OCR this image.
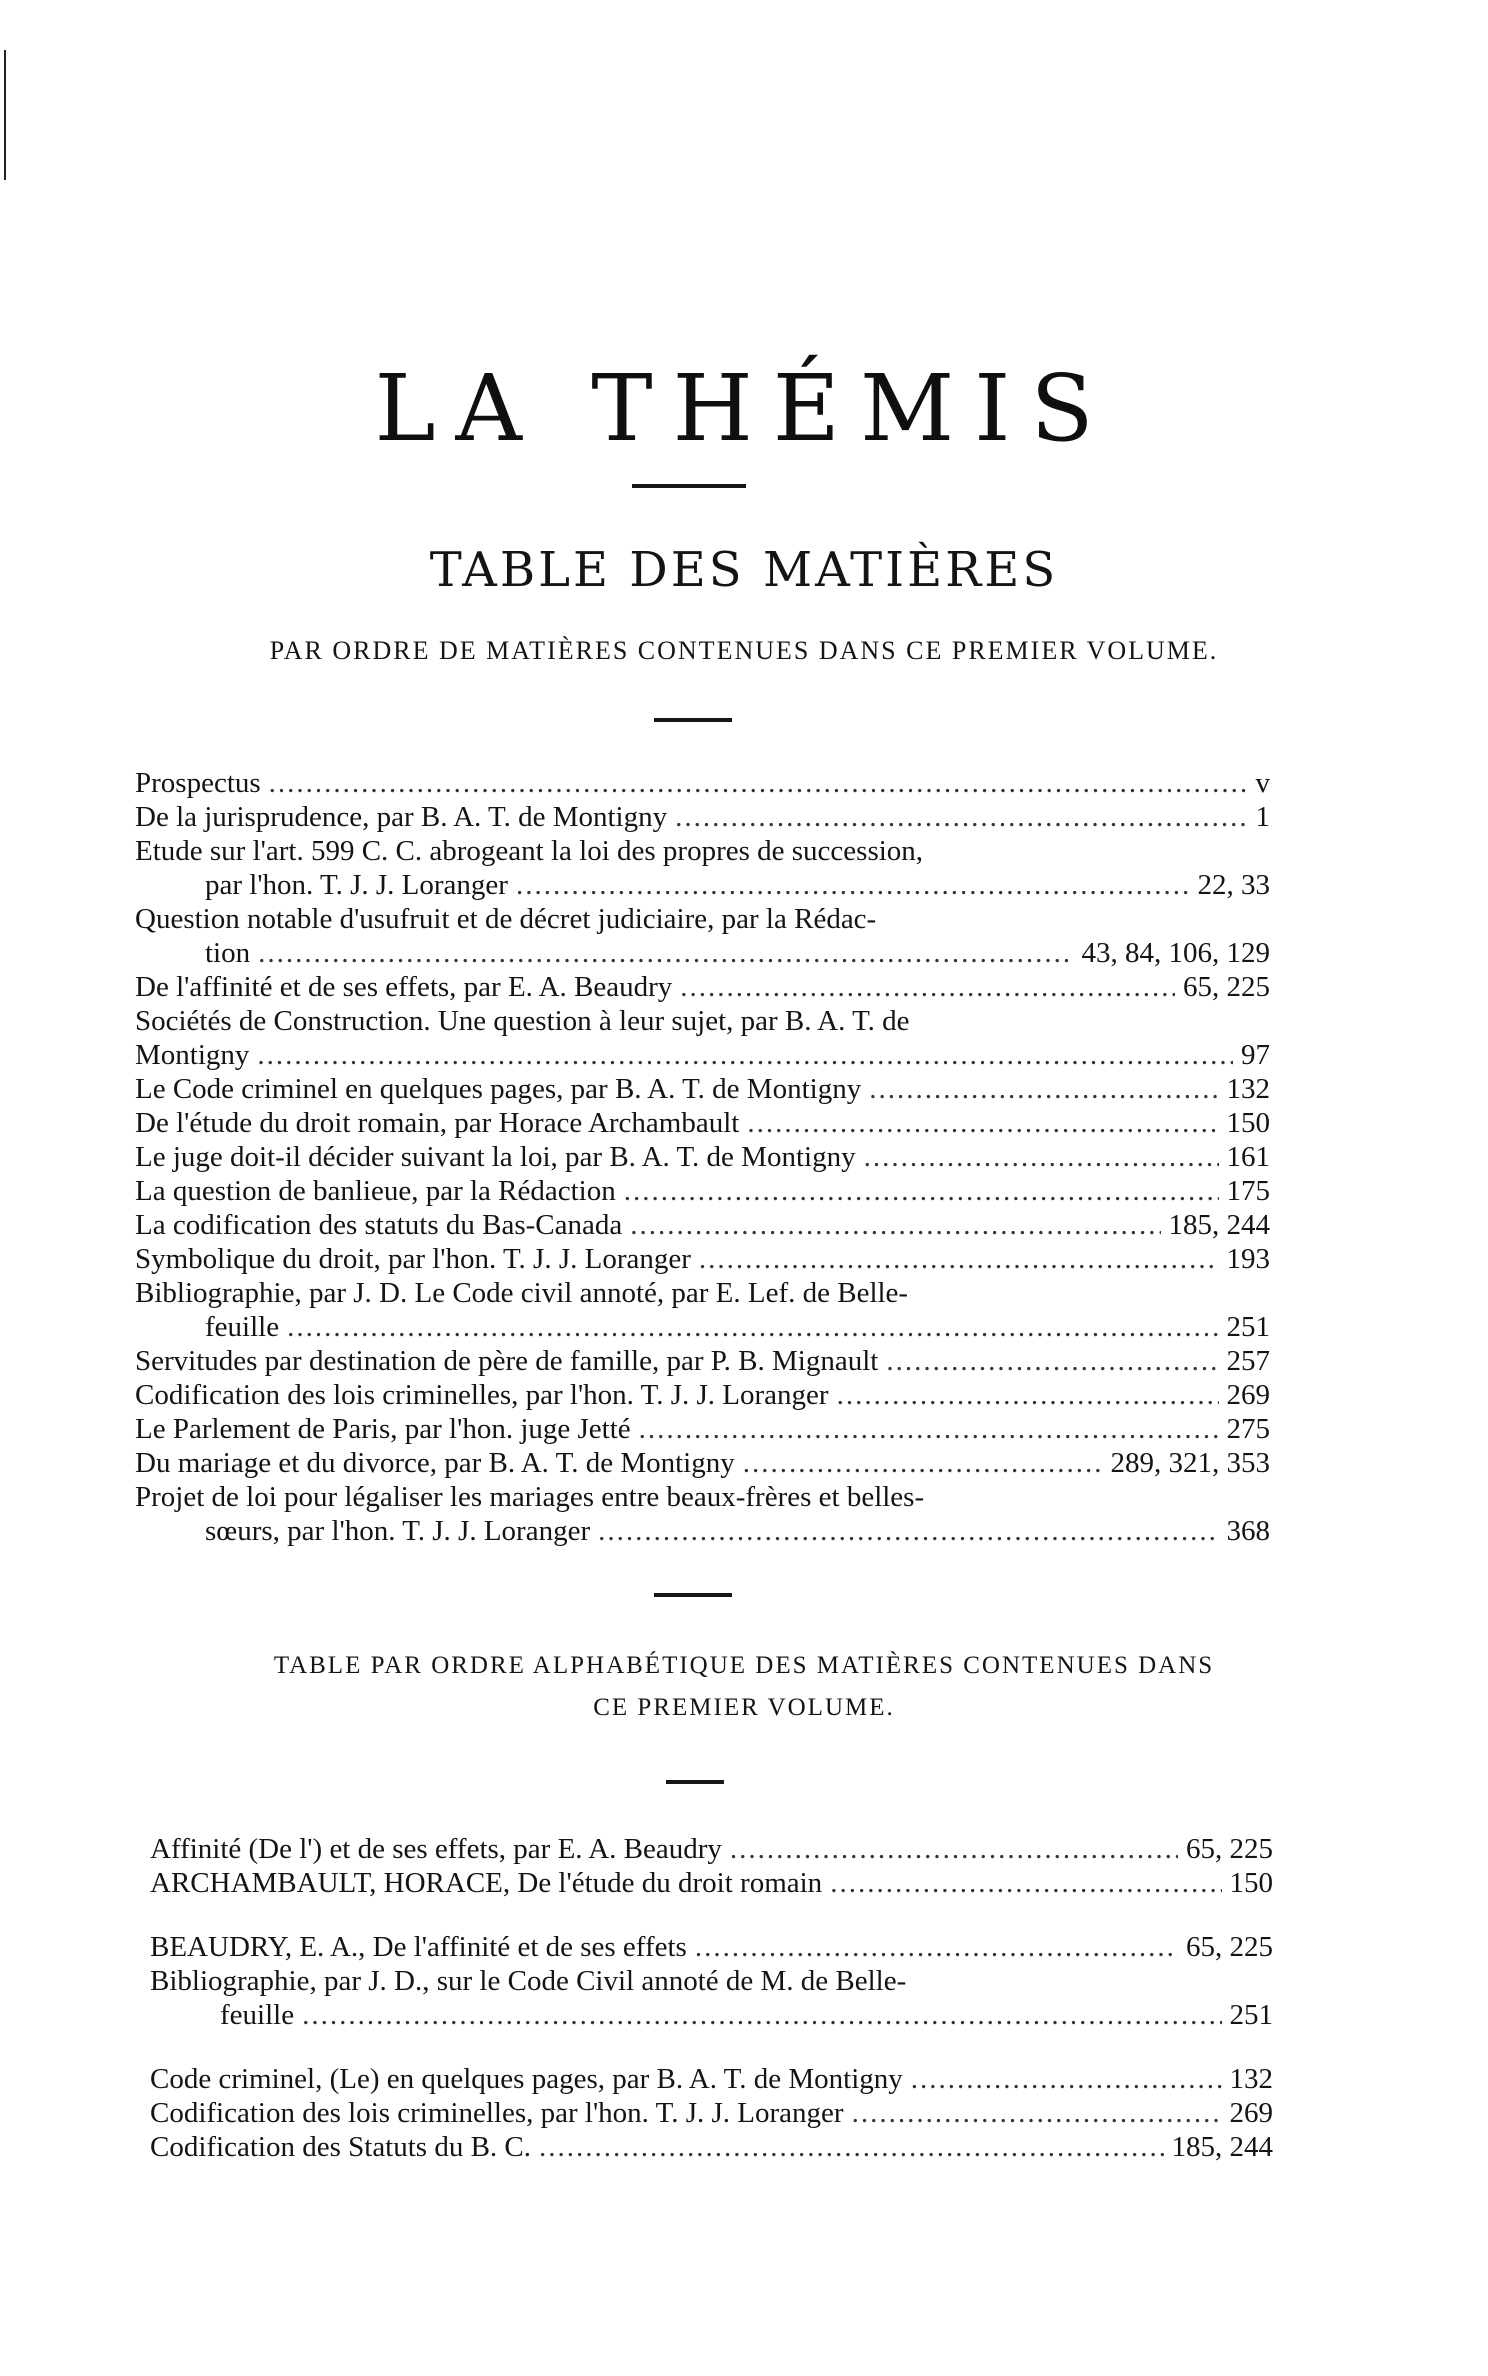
LA THÉMIS
TABLE DES MATIÈRES
PAR ORDRE DE MATIÈRES CONTENUES DANS CE PREMIER VOLUME.
Prospectus .....	v
De la jurisprudence, par B. A. T. de Montigny .....	1
Etude sur l'art. 599 C. C. abrogeant la loi des propres de succession,
par l'hon. T. J. J. Loranger .....	22, 33
Question notable d'usufruit et de décret judiciaire, par la Rédac-
tion .....	43, 84, 106, 129
De l'affinité et de ses effets, par E. A. Beaudry .....	65, 225
Sociétés de Construction. Une question à leur sujet, par B. A. T. de
Montigny .....	97
Le Code criminel en quelques pages, par B. A. T. de Montigny .....	132
De l'étude du droit romain, par Horace Archambault .....	150
Le juge doit-il décider suivant la loi, par B. A. T. de Montigny .....	161
La question de banlieue, par la Rédaction .....	175
La codification des statuts du Bas-Canada .....	185, 244
Symbolique du droit, par l'hon. T. J. J. Loranger .....	193
Bibliographie, par J. D. Le Code civil annoté, par E. Lef. de Belle-
feuille .....	251
Servitudes par destination de père de famille, par P. B. Mignault .....	257
Codification des lois criminelles, par l'hon. T. J. J. Loranger .....	269
Le Parlement de Paris, par l'hon. juge Jetté .....	275
Du mariage et du divorce, par B. A. T. de Montigny .....	289, 321, 353
Projet de loi pour légaliser les mariages entre beaux-frères et belles-
sœurs, par l'hon. T. J. J. Loranger .....	368
TABLE PAR ORDRE ALPHABÉTIQUE DES MATIÈRES CONTENUES DANS
CE PREMIER VOLUME.
Affinité (De l') et de ses effets, par E. A. Beaudry .....	65, 225
ARCHAMBAULT, HORACE, De l'étude du droit romain .....	150
BEAUDRY, E. A., De l'affinité et de ses effets .....	65, 225
Bibliographie, par J. D., sur le Code Civil annoté de M. de Belle-
feuille .....	251
Code criminel, (Le) en quelques pages, par B. A. T. de Montigny .....	132
Codification des lois criminelles, par l'hon. T. J. J. Loranger .....	269
Codification des Statuts du B. C. .....	185, 244
